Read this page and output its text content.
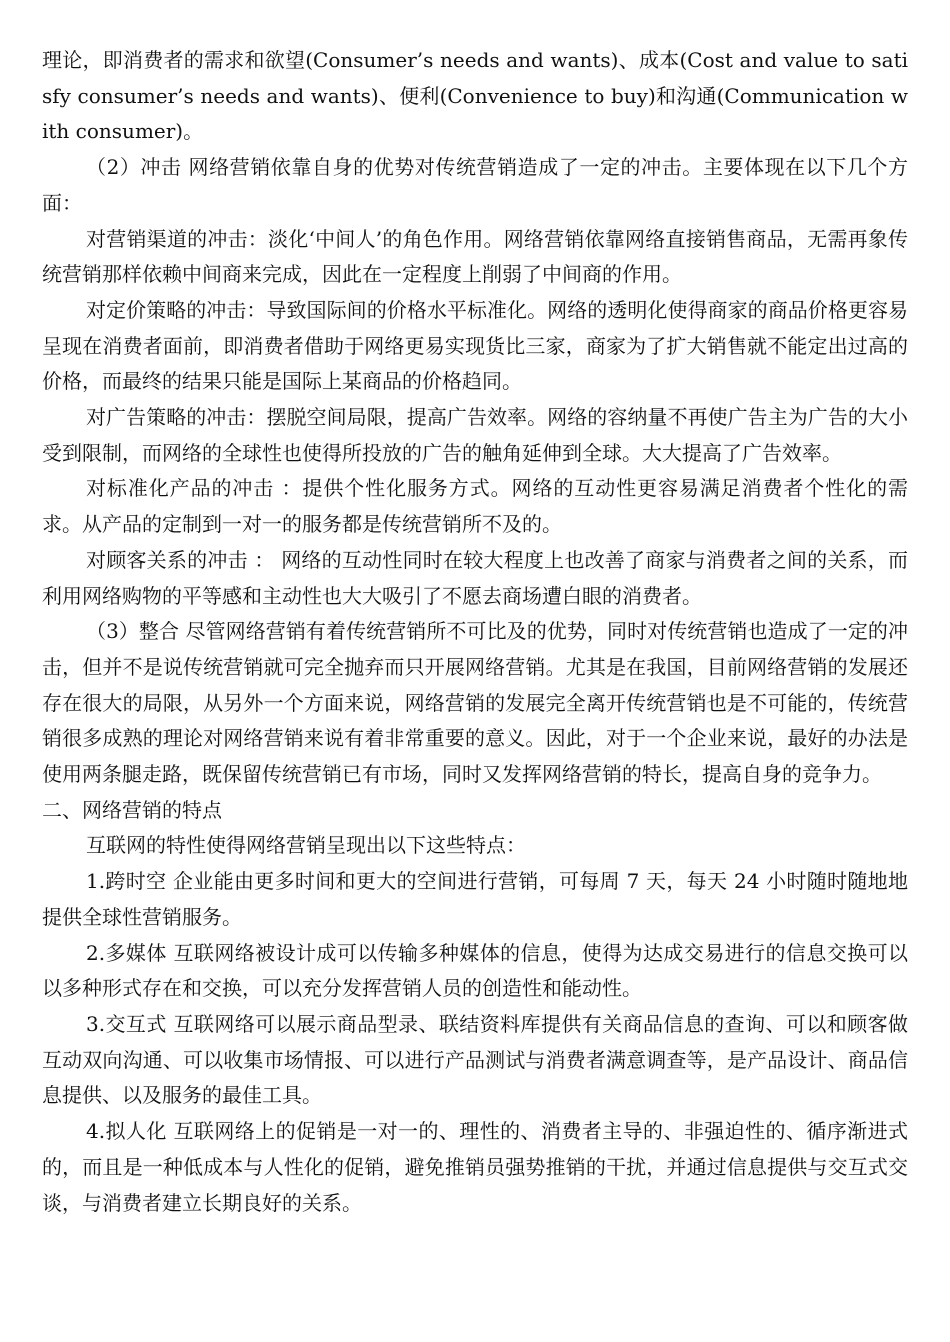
理论，即消费者的需求和欲望(Consumer’s needs and wants)、成本(Cost and value to satisfy consumer’s needs and wants)、便利(Convenience to buy)和沟通(Communication with consumer)。

（2）冲击 网络营销依靠自身的优势对传统营销造成了一定的冲击。主要体现在以下几个方面：

对营销渠道的冲击：淡化‘中间人’的角色作用。网络营销依靠网络直接销售商品，无需再象传统营销那样依赖中间商来完成，因此在一定程度上削弱了中间商的作用。

对定价策略的冲击：导致国际间的价格水平标准化。网络的透明化使得商家的商品价格更容易呈现在消费者面前，即消费者借助于网络更易实现货比三家，商家为了扩大销售就不能定出过高的价格，而最终的结果只能是国际上某商品的价格趋同。

对广告策略的冲击：摆脱空间局限，提高广告效率。网络的容纳量不再使广告主为广告的大小受到限制，而网络的全球性也使得所投放的广告的触角延伸到全球。大大提高了广告效率。

对标准化产品的冲击 ：提供个性化服务方式。网络的互动性更容易满足消费者个性化的需求。从产品的定制到一对一的服务都是传统营销所不及的。

对顾客关系的冲击 ： 网络的互动性同时在较大程度上也改善了商家与消费者之间的关系，而利用网络购物的平等感和主动性也大大吸引了不愿去商场遭白眼的消费者。

（3）整合 尽管网络营销有着传统营销所不可比及的优势，同时对传统营销也造成了一定的冲击，但并不是说传统营销就可完全抛弃而只开展网络营销。尤其是在我国，目前网络营销的发展还存在很大的局限，从另外一个方面来说，网络营销的发展完全离开传统营销也是不可能的，传统营销很多成熟的理论对网络营销来说有着非常重要的意义。因此，对于一个企业来说，最好的办法是使用两条腿走路，既保留传统营销已有市场，同时又发挥网络营销的特长，提高自身的竞争力。

二、网络营销的特点

互联网的特性使得网络营销呈现出以下这些特点：

1.跨时空 企业能由更多时间和更大的空间进行营销，可每周 7 天，每天 24 小时随时随地地提供全球性营销服务。

2.多媒体 互联网络被设计成可以传输多种媒体的信息，使得为达成交易进行的信息交换可以以多种形式存在和交换，可以充分发挥营销人员的创造性和能动性。

3.交互式 互联网络可以展示商品型录、联结资料库提供有关商品信息的查询、可以和顾客做互动双向沟通、可以收集市场情报、可以进行产品测试与消费者满意调查等，是产品设计、商品信息提供、以及服务的最佳工具。

4.拟人化 互联网络上的促销是一对一的、理性的、消费者主导的、非强迫性的、循序渐进式的，而且是一种低成本与人性化的促销，避免推销员强势推销的干扰，并通过信息提供与交互式交谈，与消费者建立长期良好的关系。
